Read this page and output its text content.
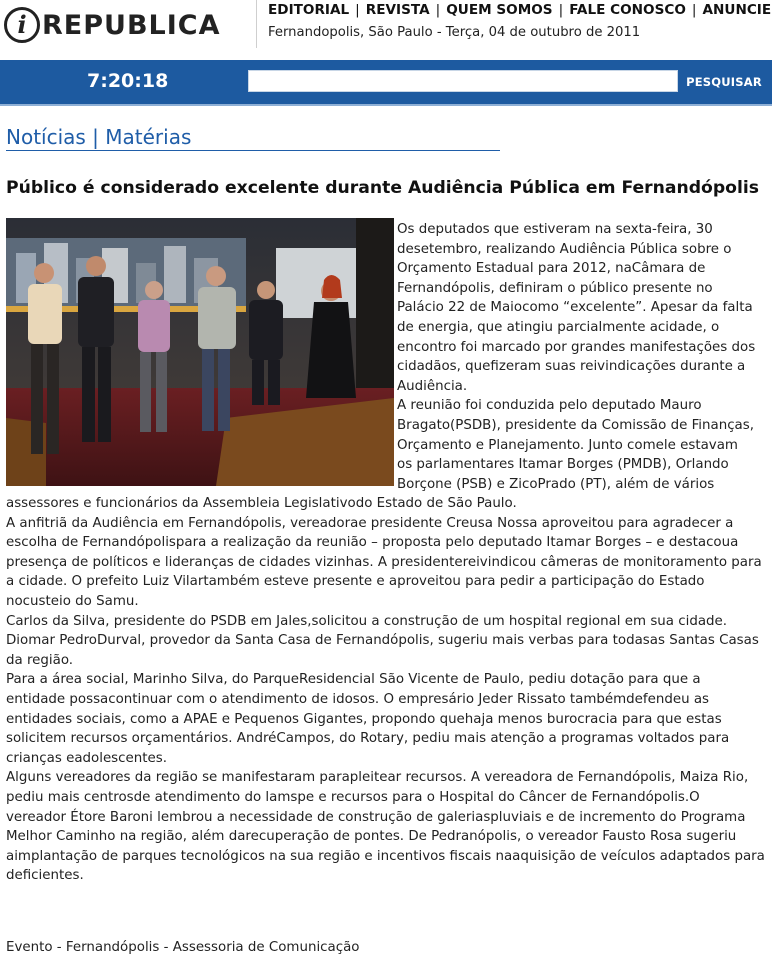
i REPUBLICA	EDITORIAL | REVISTA | QUEM SOMOS | FALE CONOSCO | ANUNCIE
Fernandopolis, São Paulo - Terça, 04 de outubro de 2011
7:20:18	PESQUISAR
Notícias | Matérias
Público é considerado excelente durante Audiência Pública em Fernandópolis
Os deputados que estiveram na sexta-feira, 30
desetembro, realizando Audiência Pública sobre o
Orçamento Estadual para 2012, naCâmara de
Fernandópolis, definiram o público presente no
Palácio 22 de Maiocomo “excelente”. Apesar da falta
de energia, que atingiu parcialmente acidade, o
encontro foi marcado por grandes manifestações dos
cidadãos, quefizeram suas reivindicações durante a
Audiência.
A reunião foi conduzida pelo deputado Mauro
Bragato(PSDB), presidente da Comissão de Finanças,
Orçamento e Planejamento. Junto comele estavam
os parlamentares Itamar Borges (PMDB), Orlando
Borçone (PSB) e ZicoPrado (PT), além de vários
assessores e funcionários da Assembleia Legislativodo Estado de São Paulo.
A anfitriã da Audiência em Fernandópolis, vereadorae presidente Creusa Nossa aproveitou para agradecer a
escolha de Fernandópolispara a realização da reunião – proposta pelo deputado Itamar Borges – e destacoua
presença de políticos e lideranças de cidades vizinhas. A presidentereivindicou câmeras de monitoramento para
a cidade. O prefeito Luiz Vilartambém esteve presente e aproveitou para pedir a participação do Estado
nocusteio do Samu.
Carlos da Silva, presidente do PSDB em Jales,solicitou a construção de um hospital regional em sua cidade.
Diomar PedroDurval, provedor da Santa Casa de Fernandópolis, sugeriu mais verbas para todasas Santas Casas
da região.
Para a área social, Marinho Silva, do ParqueResidencial São Vicente de Paulo, pediu dotação para que a
entidade possacontinuar com o atendimento de idosos. O empresário Jeder Rissato tambémdefendeu as
entidades sociais, como a APAE e Pequenos Gigantes, propondo quehaja menos burocracia para que estas
solicitem recursos orçamentários. AndréCampos, do Rotary, pediu mais atenção a programas voltados para
crianças eadolescentes.
Alguns vereadores da região se manifestaram parapleitear recursos. A vereadora de Fernandópolis, Maiza Rio,
pediu mais centrosde atendimento do lamspe e recursos para o Hospital do Câncer de Fernandópolis.O
vereador Étore Baroni lembrou a necessidade de construção de galeriaspluviais e de incremento do Programa
Melhor Caminho na região, além darecuperação de pontes. De Pedranópolis, o vereador Fausto Rosa sugeriu
aimplantação de parques tecnológicos na sua região e incentivos fiscais naaquisição de veículos adaptados para
deficientes.
Evento - Fernandópolis - Assessoria de Comunicação
